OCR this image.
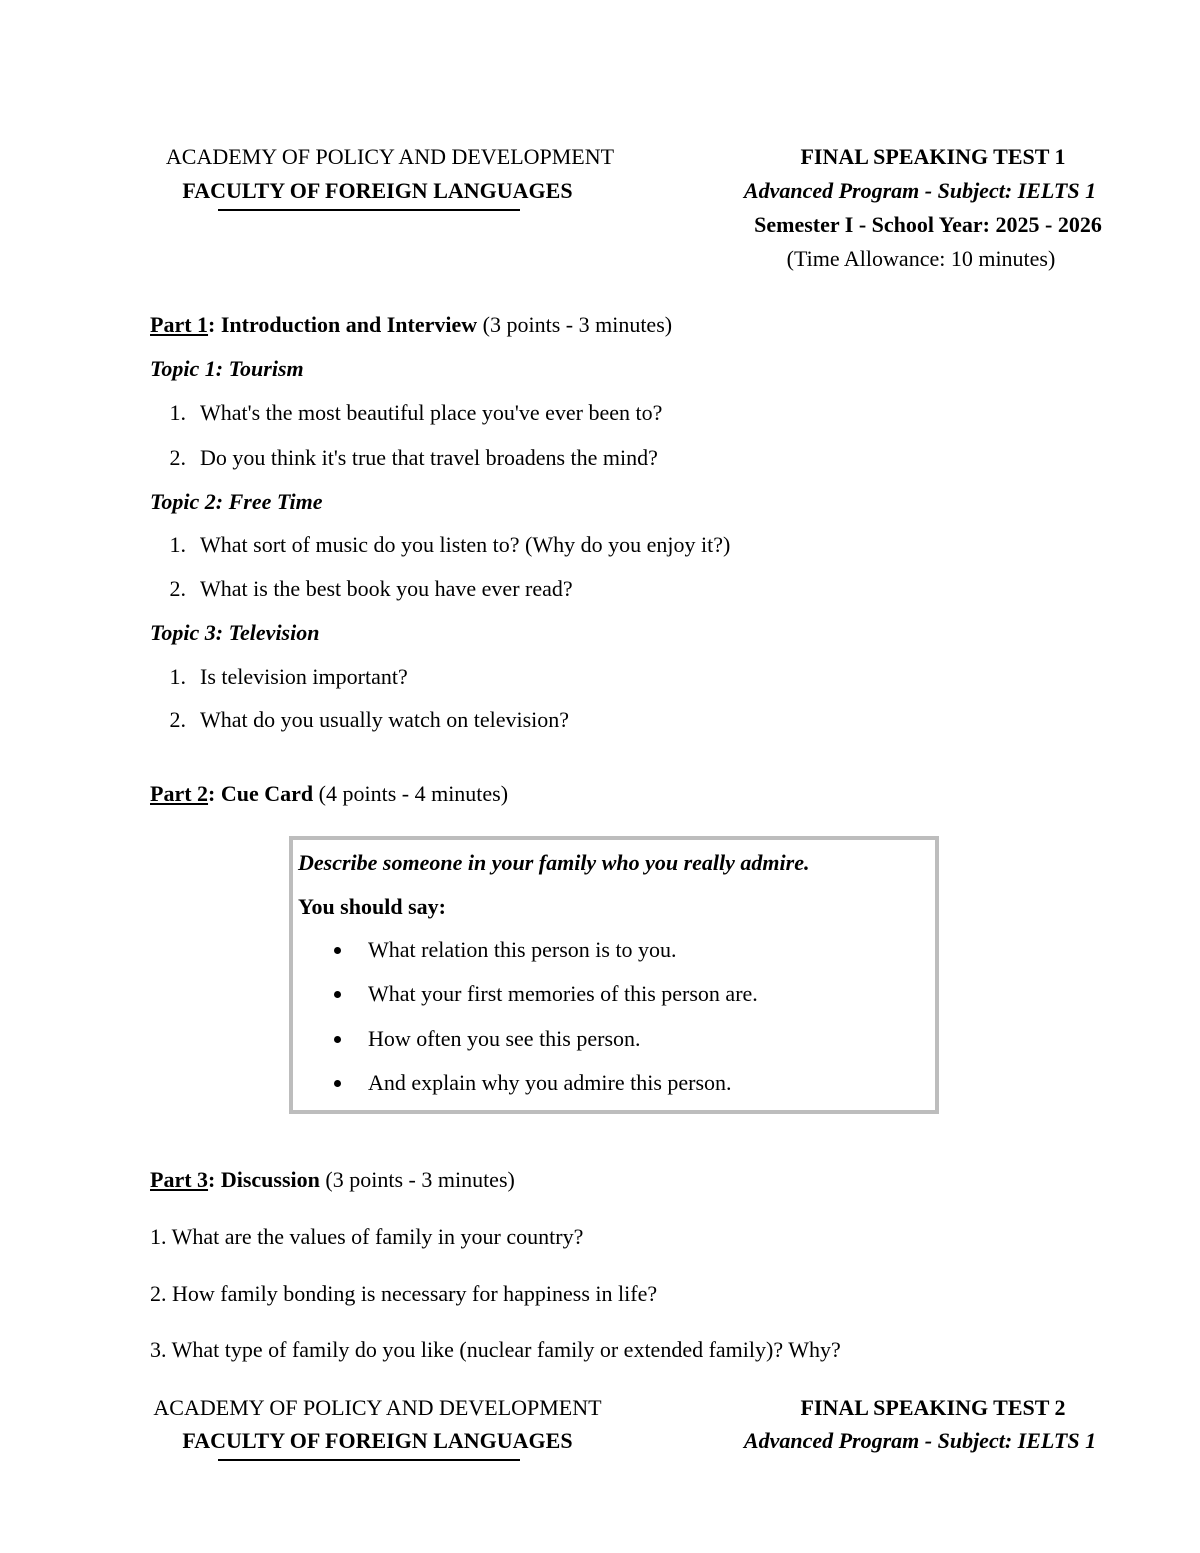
ACADEMY OF POLICY AND DEVELOPMENT
FACULTY OF FOREIGN LANGUAGES
FINAL SPEAKING TEST 1
Advanced Program - Subject: IELTS 1
Semester I - School Year: 2025 - 2026
(Time Allowance: 10 minutes)
Part 1: Introduction and Interview (3 points - 3 minutes)
Topic 1: Tourism
1. What's the most beautiful place you've ever been to?
2. Do you think it's true that travel broadens the mind?
Topic 2: Free Time
1. What sort of music do you listen to? (Why do you enjoy it?)
2. What is the best book you have ever read?
Topic 3: Television
1. Is television important?
2. What do you usually watch on television?
Part 2: Cue Card (4 points - 4 minutes)
Describe someone in your family who you really admire.
You should say:
What relation this person is to you.
What your first memories of this person are.
How often you see this person.
And explain why you admire this person.
Part 3: Discussion (3 points - 3 minutes)
1. What are the values of family in your country?
2. How family bonding is necessary for happiness in life?
3. What type of family do you like (nuclear family or extended family)? Why?
ACADEMY OF POLICY AND DEVELOPMENT
FACULTY OF FOREIGN LANGUAGES
FINAL SPEAKING TEST 2
Advanced Program - Subject: IELTS 1
